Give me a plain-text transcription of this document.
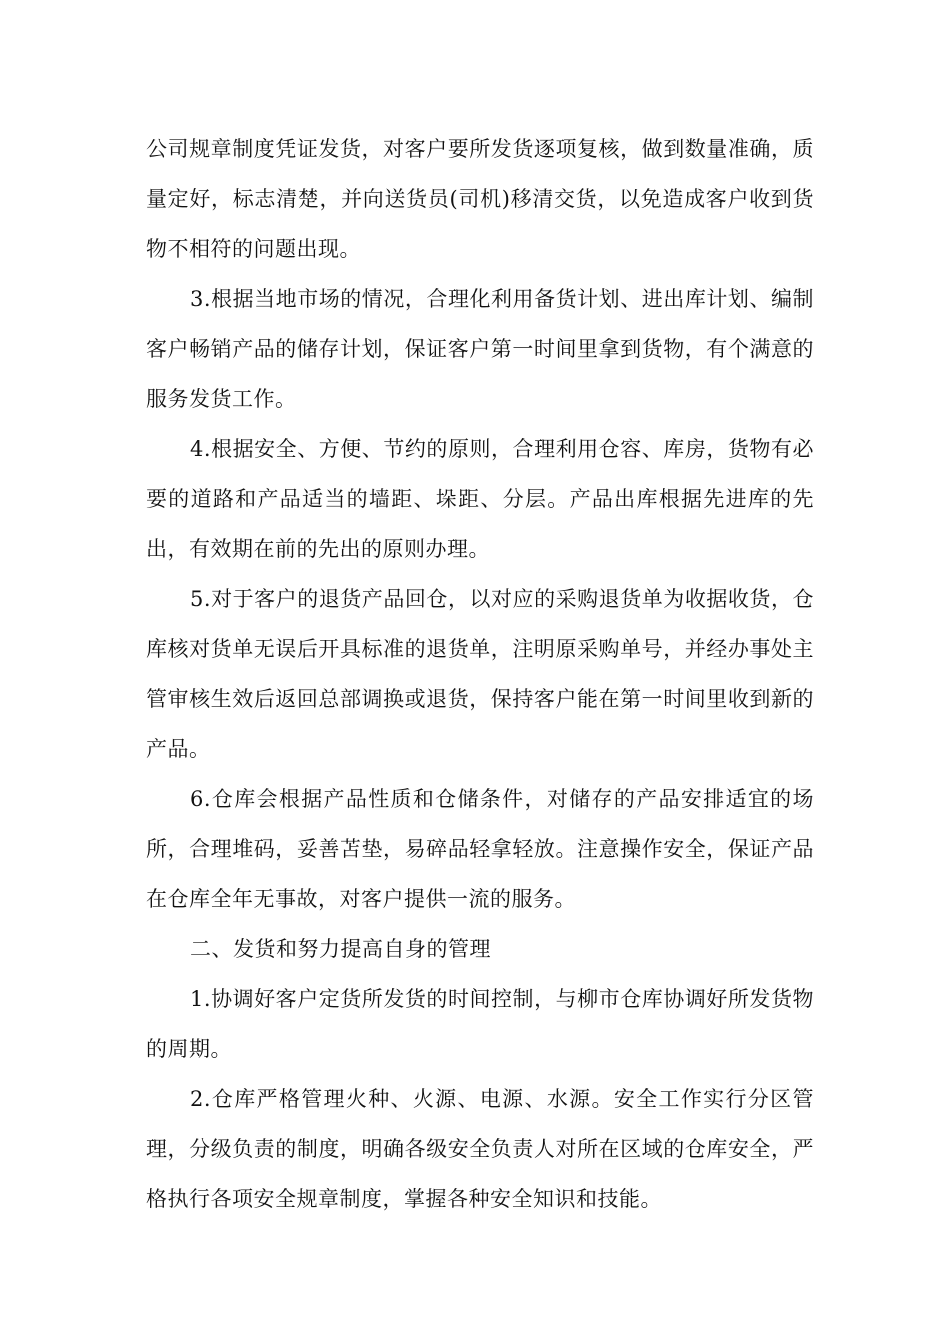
公司规章制度凭证发货，对客户要所发货逐项复核，做到数量准确，质量定好，标志清楚，并向送货员(司机)移清交货，以免造成客户收到货物不相符的问题出现。

3.根据当地市场的情况，合理化利用备货计划、进出库计划、编制客户畅销产品的储存计划，保证客户第一时间里拿到货物，有个满意的服务发货工作。

4.根据安全、方便、节约的原则，合理利用仓容、库房，货物有必要的道路和产品适当的墙距、垛距、分层。产品出库根据先进库的先出，有效期在前的先出的原则办理。

5.对于客户的退货产品回仓，以对应的采购退货单为收据收货，仓库核对货单无误后开具标准的退货单，注明原采购单号，并经办事处主管审核生效后返回总部调换或退货，保持客户能在第一时间里收到新的产品。

6.仓库会根据产品性质和仓储条件，对储存的产品安排适宜的场所，合理堆码，妥善苫垫，易碎品轻拿轻放。注意操作安全，保证产品在仓库全年无事故，对客户提供一流的服务。

二、发货和努力提高自身的管理

1.协调好客户定货所发货的时间控制，与柳市仓库协调好所发货物的周期。

2.仓库严格管理火种、火源、电源、水源。安全工作实行分区管理，分级负责的制度，明确各级安全负责人对所在区域的仓库安全，严格执行各项安全规章制度，掌握各种安全知识和技能。
